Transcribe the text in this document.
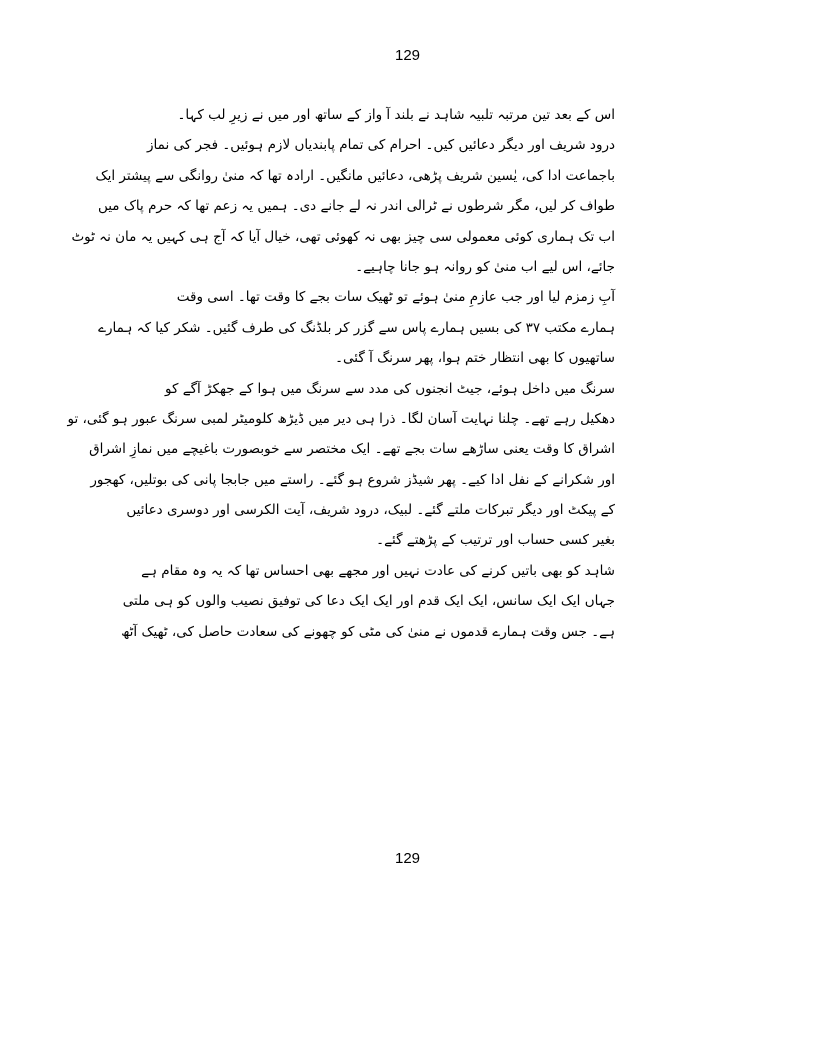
129
اس کے بعد تین مرتبہ تلبیہ شاہد نے بلند آ واز کے ساتھ اور میں نے زیرِ لب کہا۔
درود شریف اور دیگر دعائیں کیں۔ احرام کی تمام پابندیاں لازم ہوئیں۔ فجر کی نماز
باجماعت ادا کی، یٰسین شریف پڑھی، دعائیں مانگیں۔ ارادہ تھا کہ منیٰ روانگی سے پیشتر ایک
طواف کر لیں، مگر شرطوں نے ٹرالی اندر نہ لے جانے دی۔ ہمیں یہ زعم تھا کہ حرم پاک میں
اب تک ہماری کوئی معمولی سی چیز بھی نہ کھوئی تھی، خیال آیا کہ آج ہی کہیں یہ مان نہ ٹوٹ
جائے، اس لیے اب منیٰ کو روانہ ہو جانا چاہیے۔
آبِ زمزم لیا اور جب عازمِ منیٰ ہوئے تو ٹھیک سات بجے کا وقت تھا۔ اسی وقت
ہمارے مکتب ۳۷ کی بسیں ہمارے پاس سے گزر کر بلڈنگ کی طرف گئیں۔ شکر کیا کہ ہمارے
ساتھیوں کا بھی انتظار ختم ہوا، پھر سرنگ آ گئی۔
سرنگ میں داخل ہوئے، جیٹ انجنوں کی مدد سے سرنگ میں ہوا کے جھکڑ آگے کو
دھکیل رہے تھے۔ چلنا نہایت آسان لگا۔ ذرا ہی دیر میں ڈیڑھ کلومیٹر لمبی سرنگ عبور ہو گئی، تو
اشراق کا وقت یعنی ساڑھے سات بجے تھے۔ ایک مختصر سے خوبصورت باغیچے میں نمازِ اشراق
اور شکرانے کے نفل ادا کیے۔ پھر شیڈز شروع ہو گئے۔ راستے میں جابجا پانی کی بوتلیں، کھجور
کے پیکٹ اور دیگر تبرکات ملتے گئے۔ لبیک، درود شریف، آیت الکرسی اور دوسری دعائیں
بغیر کسی حساب اور ترتیب کے پڑھتے گئے۔
شاہد کو بھی باتیں کرنے کی عادت نہیں اور مجھے بھی احساس تھا کہ یہ وہ مقام ہے
جہاں ایک ایک سانس، ایک ایک قدم اور ایک ایک دعا کی توفیق نصیب والوں کو ہی ملتی
ہے۔ جس وقت ہمارے قدموں نے منیٰ کی مٹی کو چھونے کی سعادت حاصل کی، ٹھیک آٹھ
129
